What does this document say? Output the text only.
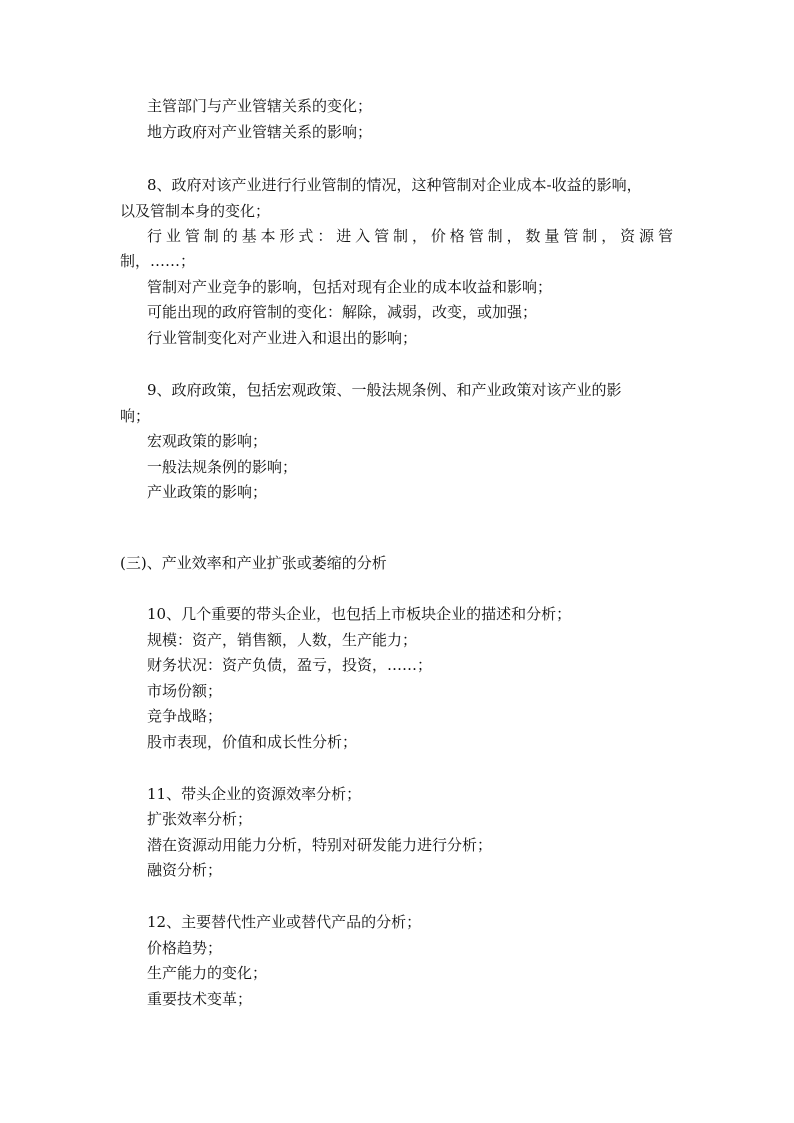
主管部门与产业管辖关系的变化；
地方政府对产业管辖关系的影响；
8、政府对该产业进行行业管制的情况，这种管制对企业成本-收益的影响，
以及管制本身的变化；
行业管制的基本形式：进入管制，价格管制，数量管制，资源管
制，……；
管制对产业竞争的影响，包括对现有企业的成本收益和影响；
可能出现的政府管制的变化：解除，减弱，改变，或加强；
行业管制变化对产业进入和退出的影响；
9、政府政策，包括宏观政策、一般法规条例、和产业政策对该产业的影
响；
宏观政策的影响；
一般法规条例的影响；
产业政策的影响；
(三)、产业效率和产业扩张或萎缩的分析
10、几个重要的带头企业，也包括上市板块企业的描述和分析；
规模：资产，销售额，人数，生产能力；
财务状况：资产负债，盈亏，投资，……；
市场份额；
竞争战略；
股市表现，价值和成长性分析；
11、带头企业的资源效率分析；
扩张效率分析；
潜在资源动用能力分析，特别对研发能力进行分析；
融资分析；
12、主要替代性产业或替代产品的分析；
价格趋势；
生产能力的变化；
重要技术变革；
